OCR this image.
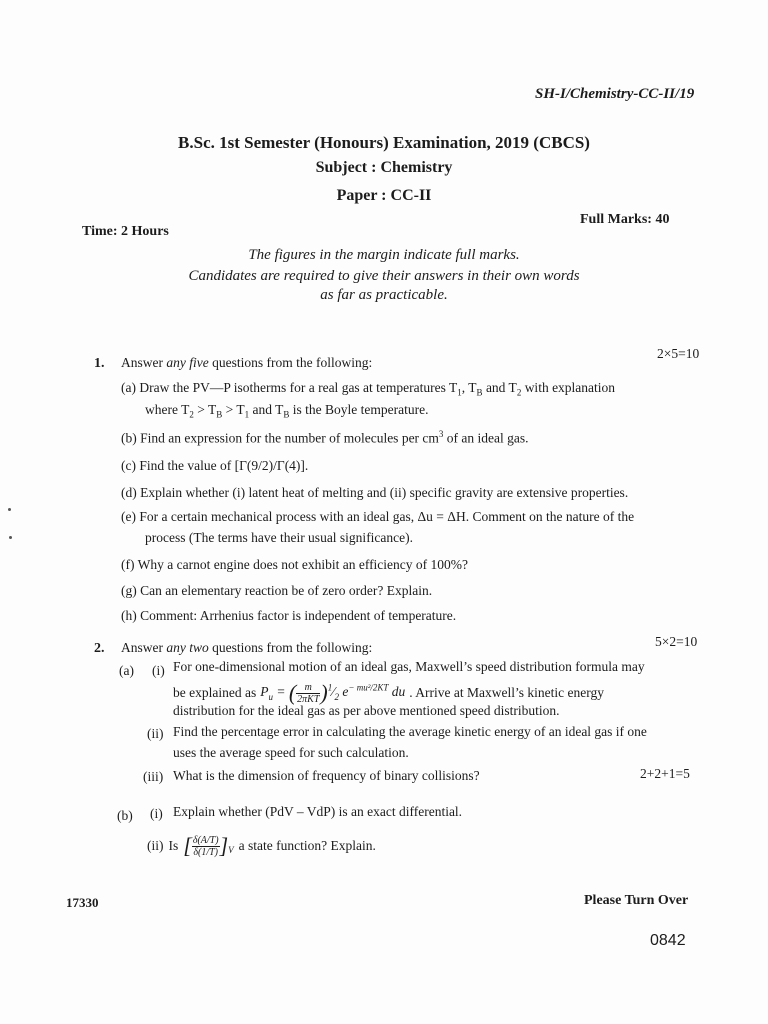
SH-I/Chemistry-CC-II/19
B.Sc. 1st Semester (Honours) Examination, 2019 (CBCS)
Subject : Chemistry
Paper : CC-II
Full Marks: 40
Time: 2 Hours
The figures in the margin indicate full marks.
Candidates are required to give their answers in their own words
as far as practicable.
1. Answer any five questions from the following:
2×5=10
(a) Draw the PV—P isotherms for a real gas at temperatures $T_1$, $T_B$ and $T_2$ with explanation
where $T_2 > T_B > T_1$ and $T_B$ is the Boyle temperature.
(b) Find an expression for the number of molecules per $cm^3$ of an ideal gas.
(c) Find the value of [Γ(9/2)/Γ(4)].
(d) Explain whether (i) latent heat of melting and (ii) specific gravity are extensive properties.
(e) For a certain mechanical process with an ideal gas, Δu = ΔH. Comment on the nature of the
process (The terms have their usual significance).
(f) Why a carnot engine does not exhibit an efficiency of 100%?
(g) Can an elementary reaction be of zero order? Explain.
(h) Comment: Arrhenius factor is independent of temperature.
2. Answer any two questions from the following:	5×2=10
(a) (i) For one-dimensional motion of an ideal gas, Maxwell’s speed distribution formula may
be explained as $P_u$ = ( $\frac{m}{\text{2πKT}}$ )$^1⁄_2$ $e^{- mu^2/2KT}$ du . Arrive at Maxwell’s kinetic energy
distribution for the ideal gas as per above mentioned speed distribution.
(ii) Find the percentage error in calculating the average kinetic energy of an ideal gas if one
uses the average speed for such calculation.
(iii) What is the dimension of frequency of binary collisions?	2+2+1=5
(b) (i) Explain whether (PdV – VdP) is an exact differential.
(ii) Is [ $\frac{\delta(A/T)}{\delta(1/T)} ]_V$ a state function? Explain.
17330	Please Turn Over
0842
